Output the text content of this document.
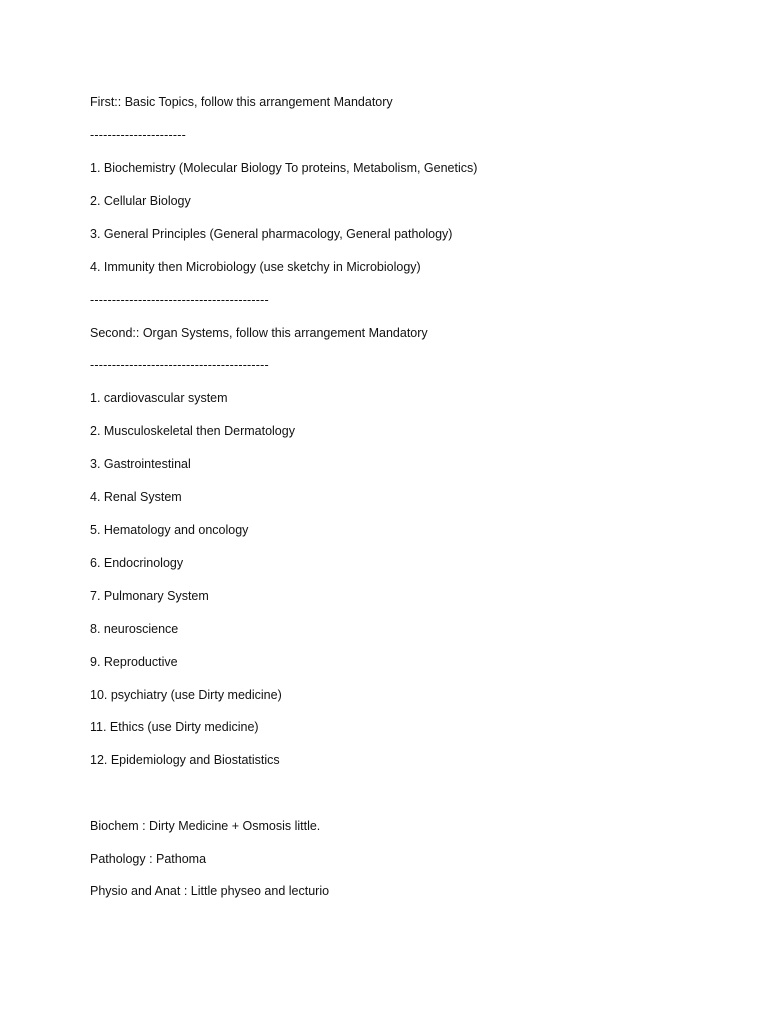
First:: Basic Topics, follow this arrangement Mandatory
----------------------
1. Biochemistry (Molecular Biology To proteins, Metabolism, Genetics)
2. Cellular Biology
3. General Principles (General pharmacology, General pathology)
4. Immunity then Microbiology (use sketchy in Microbiology)
-----------------------------------------
Second:: Organ Systems, follow this arrangement Mandatory
-----------------------------------------
1. cardiovascular system
2. Musculoskeletal then Dermatology
3. Gastrointestinal
4. Renal System
5. Hematology and oncology
6. Endocrinology
7. Pulmonary System
8. neuroscience
9. Reproductive
10. psychiatry (use Dirty medicine)
11. Ethics (use Dirty medicine)
12. Epidemiology and Biostatistics
Biochem : Dirty Medicine + Osmosis little.
Pathology : Pathoma
Physio and Anat : Little physeo and lecturio
